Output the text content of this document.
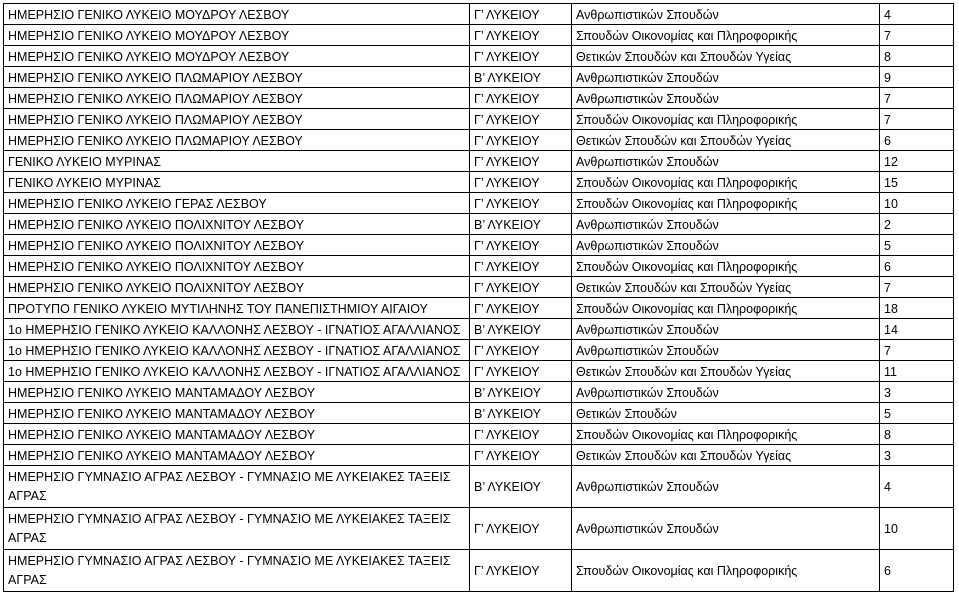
ΗΜΕΡΗΣΙΟ ΓΕΝΙΚΟ ΛΥΚΕΙΟ ΜΟΥΔΡΟΥ ΛΕΣΒΟΥ	Γ’ ΛΥΚΕΙΟΥ	Ανθρωπιστικών Σπουδών	4
ΗΜΕΡΗΣΙΟ ΓΕΝΙΚΟ ΛΥΚΕΙΟ ΜΟΥΔΡΟΥ ΛΕΣΒΟΥ	Γ’ ΛΥΚΕΙΟΥ	Σπουδών Οικονομίας και Πληροφορικής	7
ΗΜΕΡΗΣΙΟ ΓΕΝΙΚΟ ΛΥΚΕΙΟ ΜΟΥΔΡΟΥ ΛΕΣΒΟΥ	Γ’ ΛΥΚΕΙΟΥ	Θετικών Σπουδών και Σπουδών Υγείας	8
ΗΜΕΡΗΣΙΟ ΓΕΝΙΚΟ ΛΥΚΕΙΟ ΠΛΩΜΑΡΙΟΥ ΛΕΣΒΟΥ	Β’ ΛΥΚΕΙΟΥ	Ανθρωπιστικών Σπουδών	9
ΗΜΕΡΗΣΙΟ ΓΕΝΙΚΟ ΛΥΚΕΙΟ ΠΛΩΜΑΡΙΟΥ ΛΕΣΒΟΥ	Γ’ ΛΥΚΕΙΟΥ	Ανθρωπιστικών Σπουδών	7
ΗΜΕΡΗΣΙΟ ΓΕΝΙΚΟ ΛΥΚΕΙΟ ΠΛΩΜΑΡΙΟΥ ΛΕΣΒΟΥ	Γ’ ΛΥΚΕΙΟΥ	Σπουδών Οικονομίας και Πληροφορικής	7
ΗΜΕΡΗΣΙΟ ΓΕΝΙΚΟ ΛΥΚΕΙΟ ΠΛΩΜΑΡΙΟΥ ΛΕΣΒΟΥ	Γ’ ΛΥΚΕΙΟΥ	Θετικών Σπουδών και Σπουδών Υγείας	6
ΓΕΝΙΚΟ ΛΥΚΕΙΟ ΜΥΡΙΝΑΣ	Γ’ ΛΥΚΕΙΟΥ	Ανθρωπιστικών Σπουδών	12
ΓΕΝΙΚΟ ΛΥΚΕΙΟ ΜΥΡΙΝΑΣ	Γ’ ΛΥΚΕΙΟΥ	Σπουδών Οικονομίας και Πληροφορικής	15
ΗΜΕΡΗΣΙΟ ΓΕΝΙΚΟ ΛΥΚΕΙΟ ΓΕΡΑΣ ΛΕΣΒΟΥ	Γ’ ΛΥΚΕΙΟΥ	Σπουδών Οικονομίας και Πληροφορικής	10
ΗΜΕΡΗΣΙΟ ΓΕΝΙΚΟ ΛΥΚΕΙΟ ΠΟΛΙΧΝΙΤΟΥ ΛΕΣΒΟΥ	Β’ ΛΥΚΕΙΟΥ	Ανθρωπιστικών Σπουδών	2
ΗΜΕΡΗΣΙΟ ΓΕΝΙΚΟ ΛΥΚΕΙΟ ΠΟΛΙΧΝΙΤΟΥ ΛΕΣΒΟΥ	Γ’ ΛΥΚΕΙΟΥ	Ανθρωπιστικών Σπουδών	5
ΗΜΕΡΗΣΙΟ ΓΕΝΙΚΟ ΛΥΚΕΙΟ ΠΟΛΙΧΝΙΤΟΥ ΛΕΣΒΟΥ	Γ’ ΛΥΚΕΙΟΥ	Σπουδών Οικονομίας και Πληροφορικής	6
ΗΜΕΡΗΣΙΟ ΓΕΝΙΚΟ ΛΥΚΕΙΟ ΠΟΛΙΧΝΙΤΟΥ ΛΕΣΒΟΥ	Γ’ ΛΥΚΕΙΟΥ	Θετικών Σπουδών και Σπουδών Υγείας	7
ΠΡΟΤΥΠΟ ΓΕΝΙΚΟ ΛΥΚΕΙΟ ΜΥΤΙΛΗΝΗΣ ΤΟΥ ΠΑΝΕΠΙΣΤΗΜΙΟΥ ΑΙΓΑΙΟΥ	Γ’ ΛΥΚΕΙΟΥ	Σπουδών Οικονομίας και Πληροφορικής	18
1ο ΗΜΕΡΗΣΙΟ ΓΕΝΙΚΟ ΛΥΚΕΙΟ ΚΑΛΛΟΝΗΣ ΛΕΣΒΟΥ - ΙΓΝΑΤΙΟΣ ΑΓΑΛΛΙΑΝΟΣ	Β’ ΛΥΚΕΙΟΥ	Ανθρωπιστικών Σπουδών	14
1ο ΗΜΕΡΗΣΙΟ ΓΕΝΙΚΟ ΛΥΚΕΙΟ ΚΑΛΛΟΝΗΣ ΛΕΣΒΟΥ - ΙΓΝΑΤΙΟΣ ΑΓΑΛΛΙΑΝΟΣ	Γ’ ΛΥΚΕΙΟΥ	Ανθρωπιστικών Σπουδών	7
1ο ΗΜΕΡΗΣΙΟ ΓΕΝΙΚΟ ΛΥΚΕΙΟ ΚΑΛΛΟΝΗΣ ΛΕΣΒΟΥ - ΙΓΝΑΤΙΟΣ ΑΓΑΛΛΙΑΝΟΣ	Γ’ ΛΥΚΕΙΟΥ	Θετικών Σπουδών και Σπουδών Υγείας	11
ΗΜΕΡΗΣΙΟ ΓΕΝΙΚΟ ΛΥΚΕΙΟ ΜΑΝΤΑΜΑΔΟΥ ΛΕΣΒΟΥ	Β’ ΛΥΚΕΙΟΥ	Ανθρωπιστικών Σπουδών	3
ΗΜΕΡΗΣΙΟ ΓΕΝΙΚΟ ΛΥΚΕΙΟ ΜΑΝΤΑΜΑΔΟΥ ΛΕΣΒΟΥ	Β’ ΛΥΚΕΙΟΥ	Θετικών Σπουδών	5
ΗΜΕΡΗΣΙΟ ΓΕΝΙΚΟ ΛΥΚΕΙΟ ΜΑΝΤΑΜΑΔΟΥ ΛΕΣΒΟΥ	Γ’ ΛΥΚΕΙΟΥ	Σπουδών Οικονομίας και Πληροφορικής	8
ΗΜΕΡΗΣΙΟ ΓΕΝΙΚΟ ΛΥΚΕΙΟ ΜΑΝΤΑΜΑΔΟΥ ΛΕΣΒΟΥ	Γ’ ΛΥΚΕΙΟΥ	Θετικών Σπουδών και Σπουδών Υγείας	3
ΗΜΕΡΗΣΙΟ ΓΥΜΝΑΣΙΟ ΑΓΡΑΣ ΛΕΣΒΟΥ - ΓΥΜΝΑΣΙΟ ΜΕ ΛΥΚΕΙΑΚΕΣ ΤΑΞΕΙΣ ΑΓΡΑΣ	Β’ ΛΥΚΕΙΟΥ	Ανθρωπιστικών Σπουδών	4
ΗΜΕΡΗΣΙΟ ΓΥΜΝΑΣΙΟ ΑΓΡΑΣ ΛΕΣΒΟΥ - ΓΥΜΝΑΣΙΟ ΜΕ ΛΥΚΕΙΑΚΕΣ ΤΑΞΕΙΣ ΑΓΡΑΣ	Γ’ ΛΥΚΕΙΟΥ	Ανθρωπιστικών Σπουδών	10
ΗΜΕΡΗΣΙΟ ΓΥΜΝΑΣΙΟ ΑΓΡΑΣ ΛΕΣΒΟΥ - ΓΥΜΝΑΣΙΟ ΜΕ ΛΥΚΕΙΑΚΕΣ ΤΑΞΕΙΣ ΑΓΡΑΣ	Γ’ ΛΥΚΕΙΟΥ	Σπουδών Οικονομίας και Πληροφορικής	6
